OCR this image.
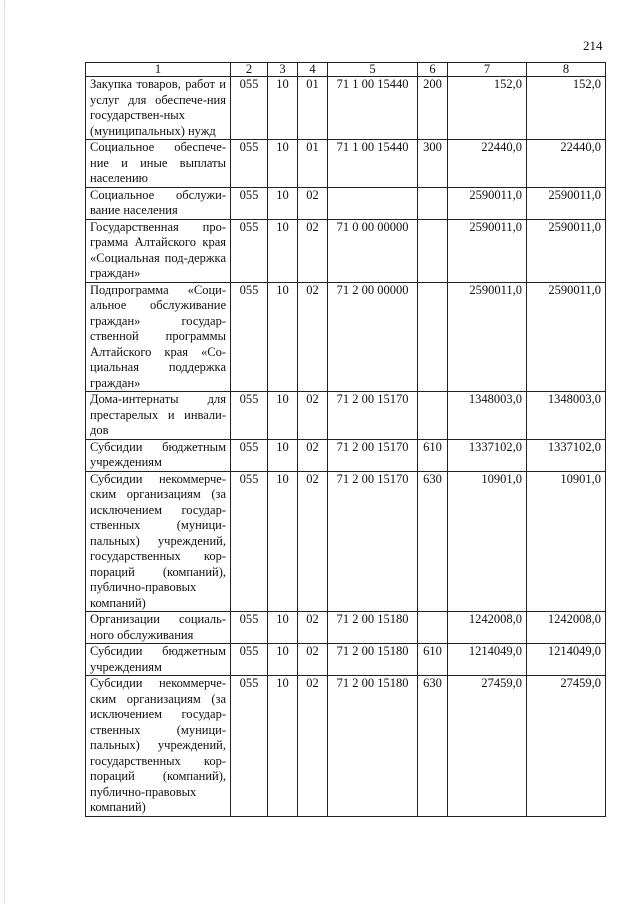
214
1	2	3	4	5	6	7	8
Закупка товаров, работ и услуг для обеспече-ния государствен-ных (муниципальных) нужд	055	10	01	71 1 00 15440	200	152,0	152,0
Социальное обеспече-ние и иные выплаты населению	055	10	01	71 1 00 15440	300	22440,0	22440,0
Социальное обслужи-вание населения	055	10	02			2590011,0	2590011,0
Государственная про-грамма Алтайского края «Социальная под-держка граждан»	055	10	02	71 0 00 00000		2590011,0	2590011,0
Подпрограмма «Соци-альное обслуживание граждан» государ-ственной программы Алтайского края «Со-циальная поддержка граждан»	055	10	02	71 2 00 00000		2590011,0	2590011,0
Дома-интернаты для престарелых и инвали-дов	055	10	02	71 2 00 15170		1348003,0	1348003,0
Субсидии бюджетным учреждениям	055	10	02	71 2 00 15170	610	1337102,0	1337102,0
Субсидии некоммерче-ским организациям (за исключением государ-ственных (муници-пальных) учреждений, государственных кор-пораций (компаний), публично-правовых компаний)	055	10	02	71 2 00 15170	630	10901,0	10901,0
Организации социаль-ного обслуживания	055	10	02	71 2 00 15180		1242008,0	1242008,0
Субсидии бюджетным учреждениям	055	10	02	71 2 00 15180	610	1214049,0	1214049,0
Субсидии некоммерче-ским организациям (за исключением государ-ственных (муници-пальных) учреждений, государственных кор-пораций (компаний), публично-правовых компаний)	055	10	02	71 2 00 15180	630	27459,0	27459,0
